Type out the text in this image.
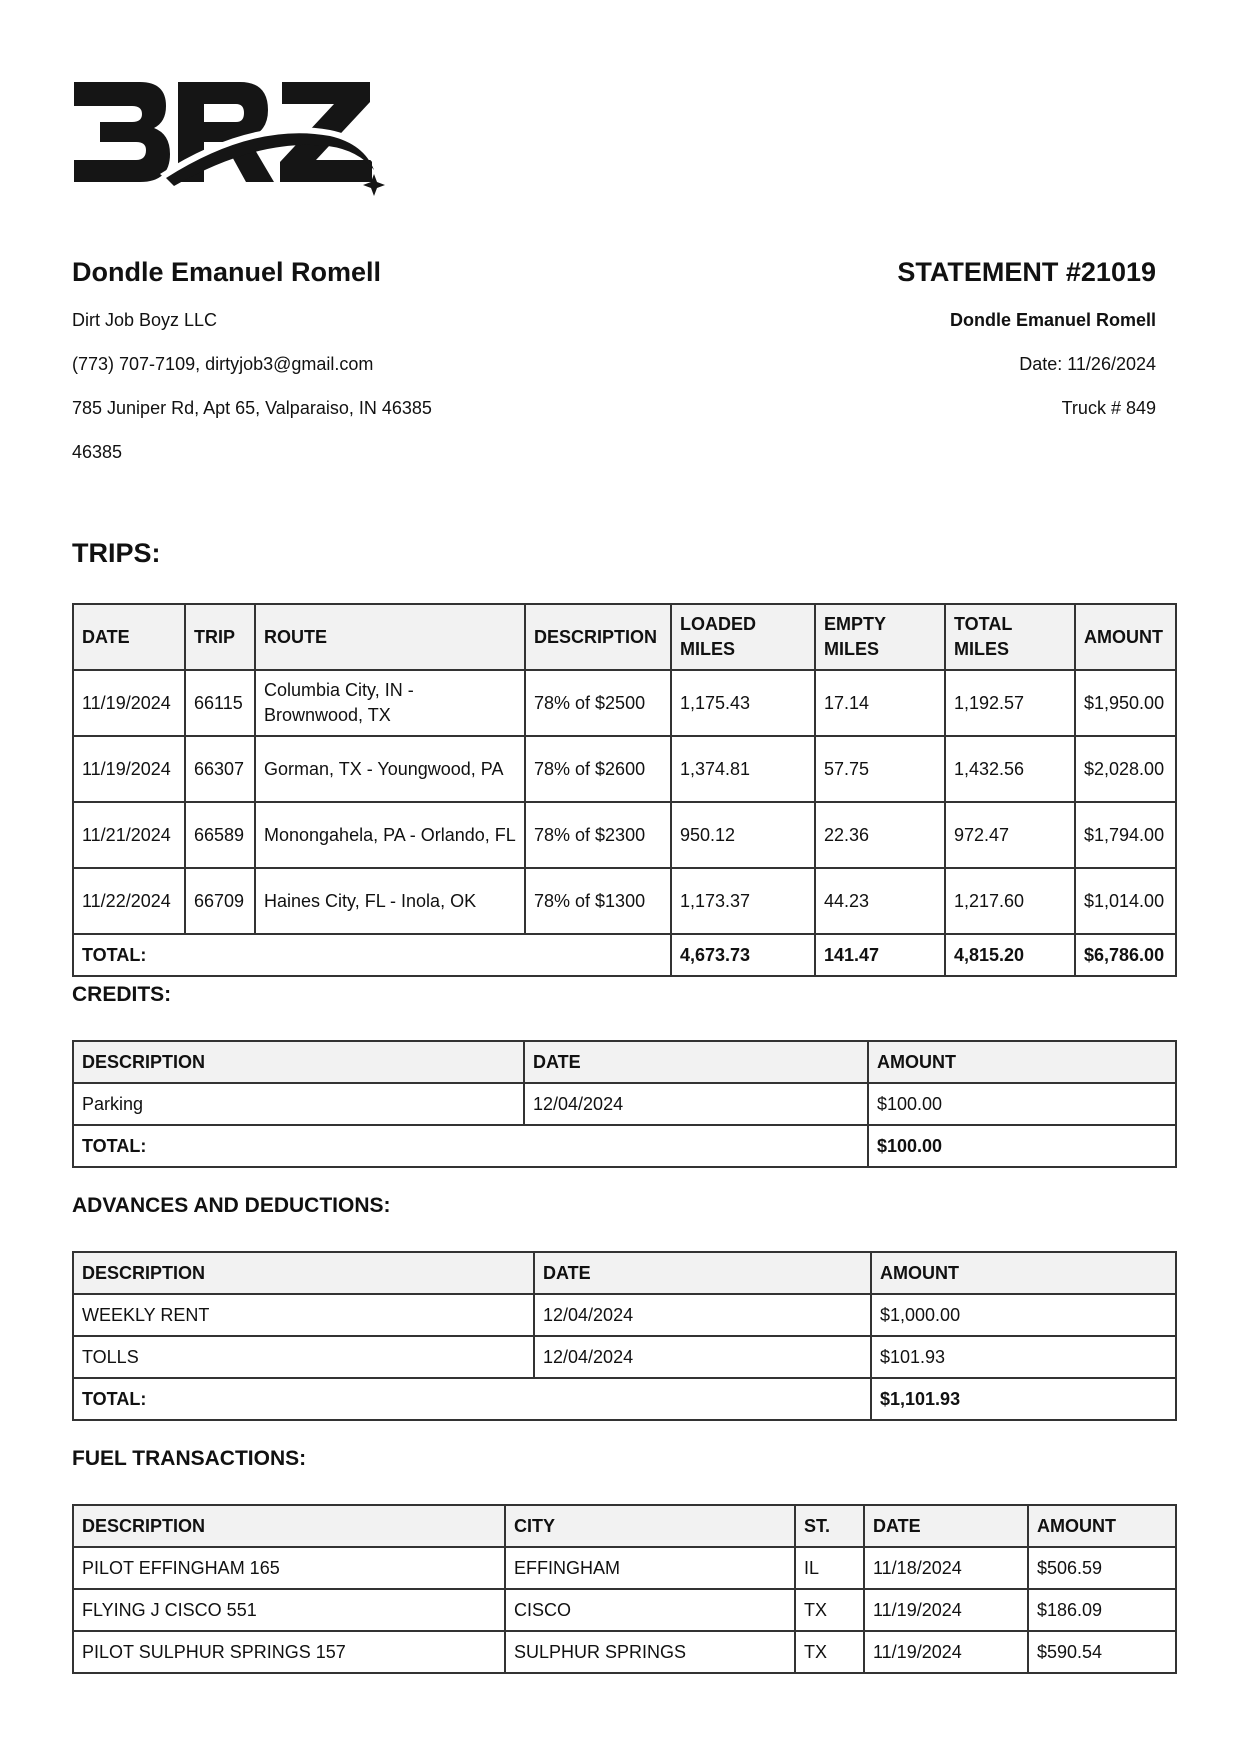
Dondle Emanuel Romell
Dirt Job Boyz LLC
(773) 707-7109, dirtyjob3@gmail.com
785 Juniper Rd, Apt 65, Valparaiso, IN 46385
46385
STATEMENT #21019
Dondle Emanuel Romell
Date: 11/26/2024
Truck # 849
TRIPS:
DATE	TRIP	ROUTE	DESCRIPTION	LOADED MILES	EMPTY MILES	TOTAL MILES	AMOUNT
11/19/2024	66115	Columbia City, IN - Brownwood, TX	78% of $2500	1,175.43	17.14	1,192.57	$1,950.00
11/19/2024	66307	Gorman, TX - Youngwood, PA	78% of $2600	1,374.81	57.75	1,432.56	$2,028.00
11/21/2024	66589	Monongahela, PA - Orlando, FL	78% of $2300	950.12	22.36	972.47	$1,794.00
11/22/2024	66709	Haines City, FL - Inola, OK	78% of $1300	1,173.37	44.23	1,217.60	$1,014.00
TOTAL:				4,673.73	141.47	4,815.20	$6,786.00
CREDITS:
DESCRIPTION	DATE	AMOUNT
Parking	12/04/2024	$100.00
TOTAL:		$100.00
ADVANCES AND DEDUCTIONS:
DESCRIPTION	DATE	AMOUNT
WEEKLY RENT	12/04/2024	$1,000.00
TOLLS	12/04/2024	$101.93
TOTAL:		$1,101.93
FUEL TRANSACTIONS:
DESCRIPTION	CITY	ST.	DATE	AMOUNT
PILOT EFFINGHAM 165	EFFINGHAM	IL	11/18/2024	$506.59
FLYING J CISCO 551	CISCO	TX	11/19/2024	$186.09
PILOT SULPHUR SPRINGS 157	SULPHUR SPRINGS	TX	11/19/2024	$590.54
